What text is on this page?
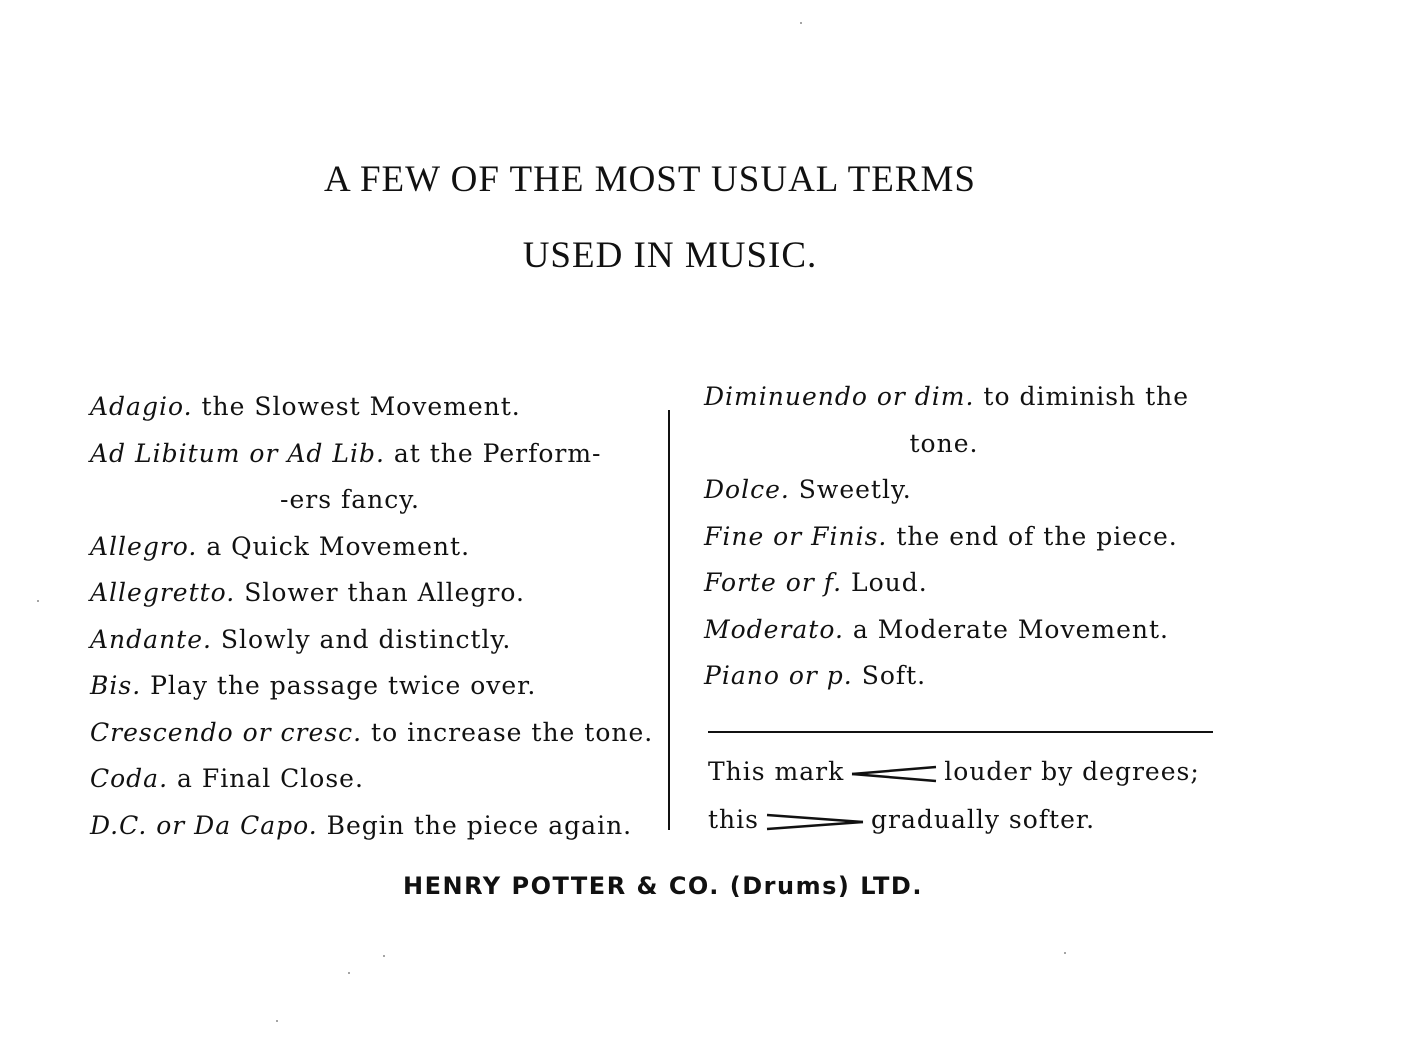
A FEW OF THE MOST USUAL TERMS
USED IN MUSIC.
Adagio. the Slowest Movement.
Ad Libitum or Ad Lib. at the Perform-
-ers fancy.
Allegro. a Quick Movement.
Allegretto. Slower than Allegro.
Andante. Slowly and distinctly.
Bis. Play the passage twice over.
Crescendo or cresc. to increase the tone.
Coda. a Final Close.
D.C. or Da Capo. Begin the piece again.
Diminuendo or dim. to diminish the
tone.
Dolce. Sweetly.
Fine or Finis. the end of the piece.
Forte or f. Loud.
Moderato. a Moderate Movement.
Piano or p. Soft.
This mark	louder by degrees;
this	gradually softer.
HENRY POTTER & CO. (Drums) LTD.
